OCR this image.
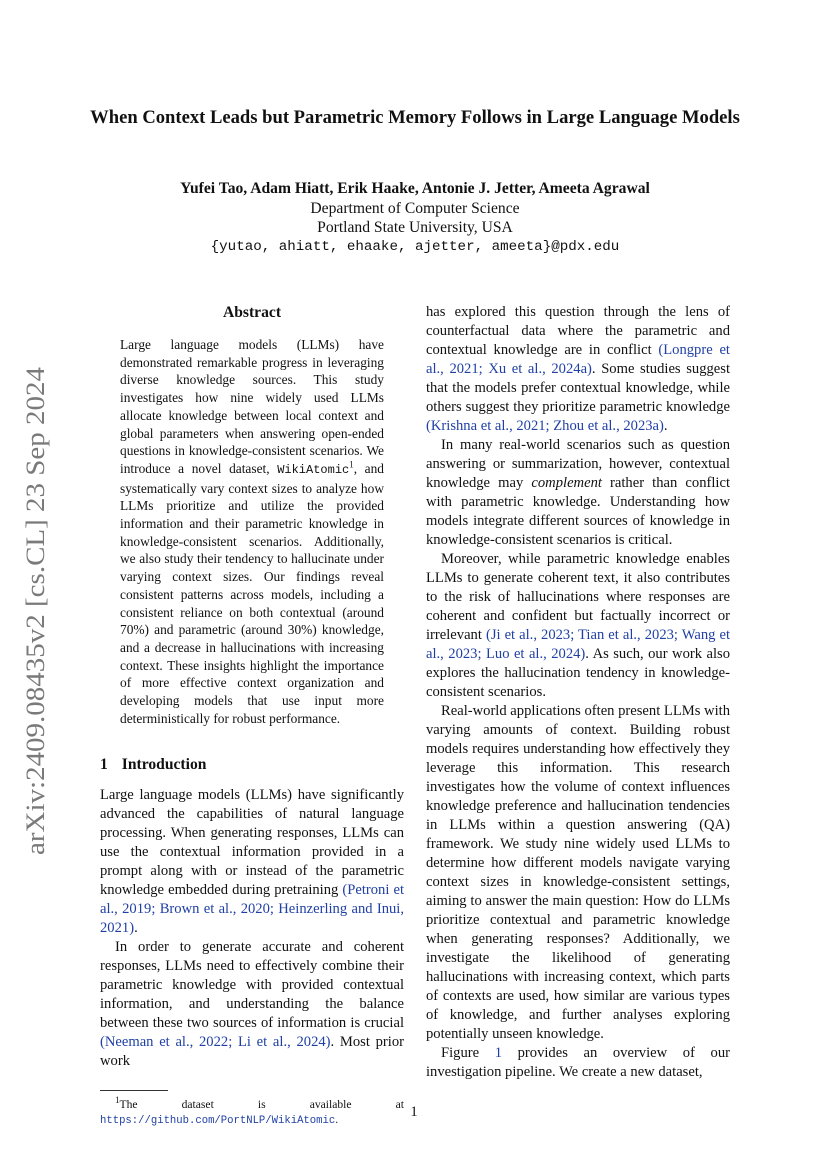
arXiv:2409.08435v2 [cs.CL] 23 Sep 2024
When Context Leads but Parametric Memory Follows in Large Language Models
Yufei Tao, Adam Hiatt, Erik Haake, Antonie J. Jetter, Ameeta Agrawal
Department of Computer Science
Portland State University, USA
{yutao, ahiatt, ehaake, ajetter, ameeta}@pdx.edu
Abstract
Large language models (LLMs) have demonstrated remarkable progress in leveraging diverse knowledge sources. This study investigates how nine widely used LLMs allocate knowledge between local context and global parameters when answering open-ended questions in knowledge-consistent scenarios. We introduce a novel dataset, WikiAtomic$^1$, and systematically vary context sizes to analyze how LLMs prioritize and utilize the provided information and their parametric knowledge in knowledge-consistent scenarios. Additionally, we also study their tendency to hallucinate under varying context sizes. Our findings reveal consistent patterns across models, including a consistent reliance on both contextual (around 70%) and parametric (around 30%) knowledge, and a decrease in hallucinations with increasing context. These insights highlight the importance of more effective context organization and developing models that use input more deterministically for robust performance.
1 Introduction

Large language models (LLMs) have significantly advanced the capabilities of natural language processing. When generating responses, LLMs can use the contextual information provided in a prompt along with or instead of the parametric knowledge embedded during pretraining (Petroni et al., 2019; Brown et al., 2020; Heinzerling and Inui, 2021).

In order to generate accurate and coherent responses, LLMs need to effectively combine their parametric knowledge with provided contextual information, and understanding the balance between these two sources of information is crucial (Neeman et al., 2022; Li et al., 2024). Most prior work

$^1$The dataset is available at https://github.com/PortNLP/WikiAtomic.

has explored this question through the lens of counterfactual data where the parametric and contextual knowledge are in conflict (Longpre et al., 2021; Xu et al., 2024a). Some studies suggest that the models prefer contextual knowledge, while others suggest they prioritize parametric knowledge (Krishna et al., 2021; Zhou et al., 2023a).

In many real-world scenarios such as question answering or summarization, however, contextual knowledge may complement rather than conflict with parametric knowledge. Understanding how models integrate different sources of knowledge in knowledge-consistent scenarios is critical.

Moreover, while parametric knowledge enables LLMs to generate coherent text, it also contributes to the risk of hallucinations where responses are coherent and confident but factually incorrect or irrelevant (Ji et al., 2023; Tian et al., 2023; Wang et al., 2023; Luo et al., 2024). As such, our work also explores the hallucination tendency in knowledge-consistent scenarios.

Real-world applications often present LLMs with varying amounts of context. Building robust models requires understanding how effectively they leverage this information. This research investigates how the volume of context influences knowledge preference and hallucination tendencies in LLMs within a question answering (QA) framework. We study nine widely used LLMs to determine how different models navigate varying context sizes in knowledge-consistent settings, aiming to answer the main question: How do LLMs prioritize contextual and parametric knowledge when generating responses? Additionally, we investigate the likelihood of generating hallucinations with increasing context, which parts of contexts are used, how similar are various types of knowledge, and further analyses exploring potentially unseen knowledge.

Figure 1 provides an overview of our investigation pipeline. We create a new dataset,

1
